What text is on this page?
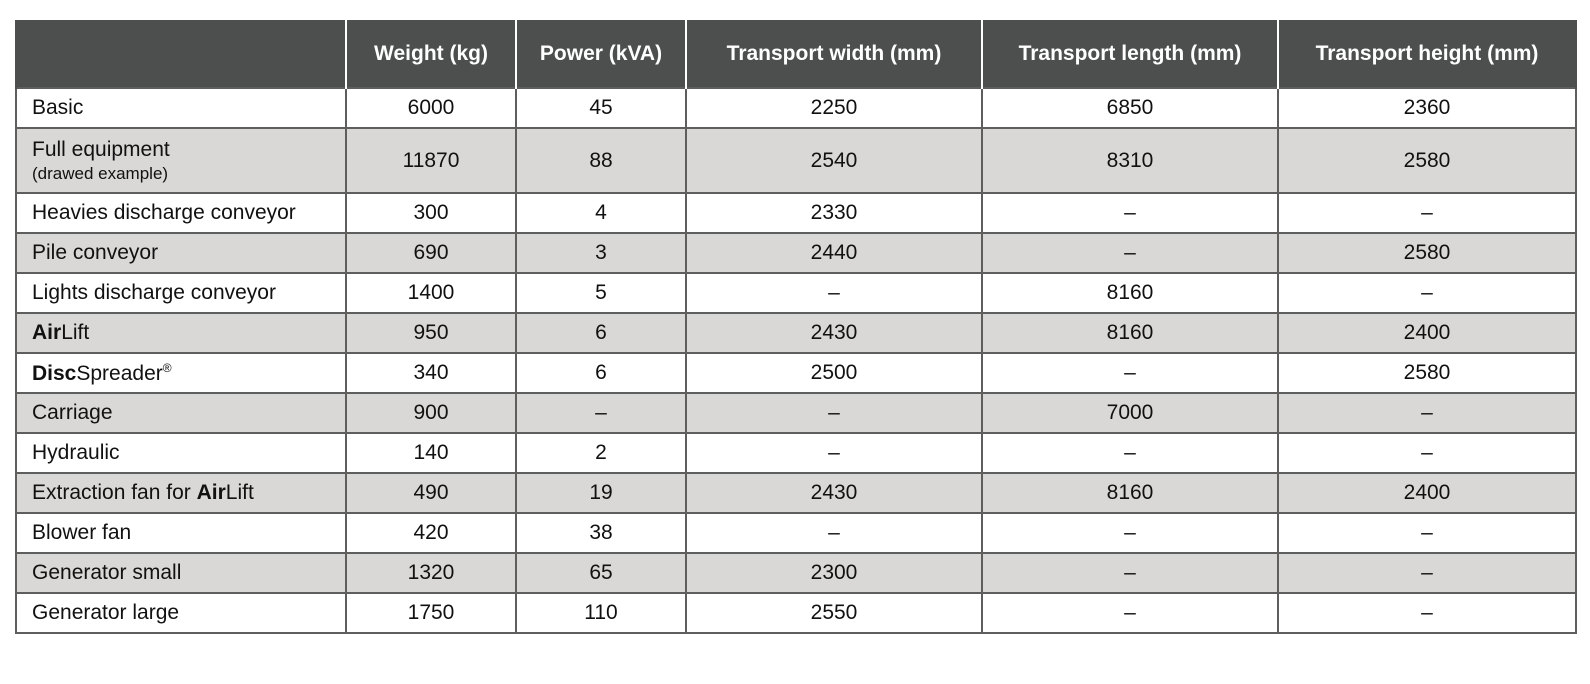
	Weight (kg)	Power (kVA)	Transport width (mm)	Transport length (mm)	Transport height (mm)
Basic	6000	45	2250	6850	2360
Full equipment
(drawed example)	11870	88	2540	8310	2580
Heavies discharge conveyor	300	4	2330	–	–
Pile conveyor	690	3	2440	–	2580
Lights discharge conveyor	1400	5	–	8160	–
AirLift	950	6	2430	8160	2400
DiscSpreader®	340	6	2500	–	2580
Carriage	900	–	–	7000	–
Hydraulic	140	2	–	–	–
Extraction fan for AirLift	490	19	2430	8160	2400
Blower fan	420	38	–	–	–
Generator small	1320	65	2300	–	–
Generator large	1750	110	2550	–	–
